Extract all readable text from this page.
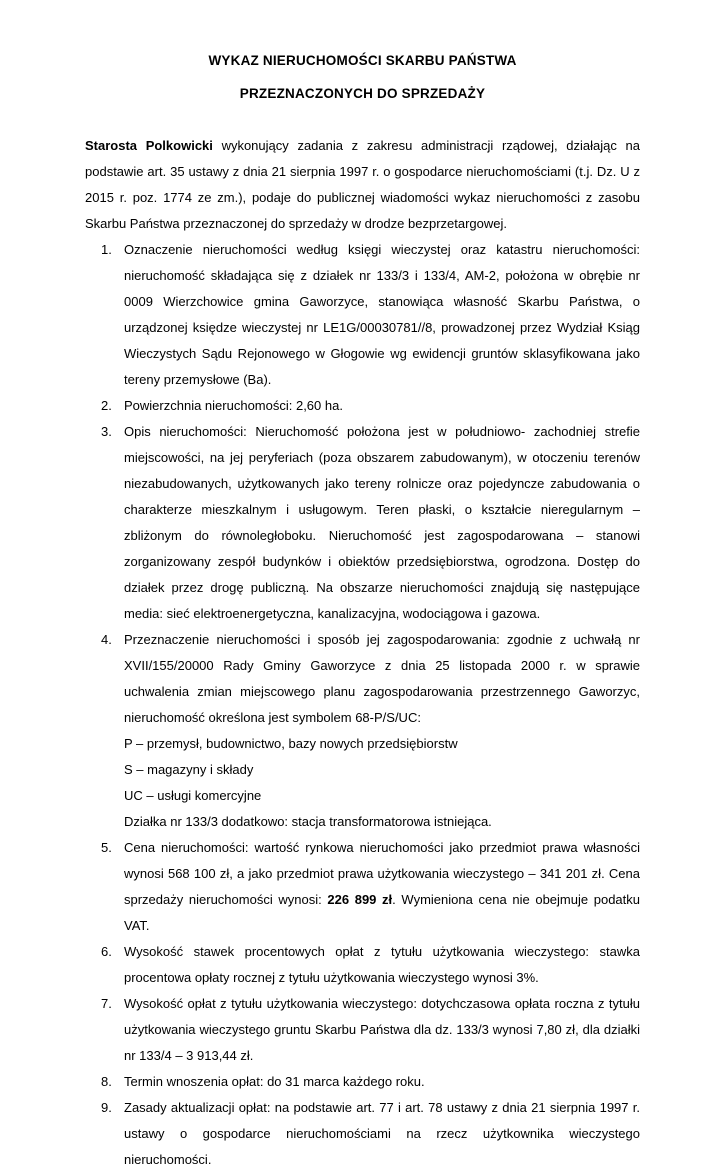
WYKAZ NIERUCHOMOŚCI SKARBU PAŃSTWA
PRZEZNACZONYCH DO SPRZEDAŻY

Starosta Polkowicki wykonujący zadania z zakresu administracji rządowej, działając na podstawie art. 35 ustawy z dnia 21 sierpnia 1997 r. o gospodarce nieruchomościami (t.j. Dz. U z 2015 r. poz. 1774 ze zm.), podaje do publicznej wiadomości wykaz nieruchomości z zasobu Skarbu Państwa przeznaczonej do sprzedaży w drodze bezprzetargowej.

1. Oznaczenie nieruchomości według księgi wieczystej oraz katastru nieruchomości: nieruchomość składająca się z działek nr 133/3 i 133/4, AM-2, położona w obrębie nr 0009 Wierzchowice gmina Gaworzyce, stanowiąca własność Skarbu Państwa, o urządzonej księdze wieczystej nr LE1G/00030781//8, prowadzonej przez Wydział Ksiąg Wieczystych Sądu Rejonowego w Głogowie wg ewidencji gruntów sklasyfikowana jako tereny przemysłowe (Ba).
2. Powierzchnia nieruchomości: 2,60 ha.
3. Opis nieruchomości: Nieruchomość położona jest w południowo- zachodniej strefie miejscowości, na jej peryferiach (poza obszarem zabudowanym), w otoczeniu terenów niezabudowanych, użytkowanych jako tereny rolnicze oraz pojedyncze zabudowania o charakterze mieszkalnym i usługowym. Teren płaski, o kształcie nieregularnym – zbliżonym do równoległoboku. Nieruchomość jest zagospodarowana – stanowi zorganizowany zespół budynków i obiektów przedsiębiorstwa, ogrodzona. Dostęp do działek przez drogę publiczną. Na obszarze nieruchomości znajdują się następujące media: sieć elektroenergetyczna, kanalizacyjna, wodociągowa i gazowa.
4. Przeznaczenie nieruchomości i sposób jej zagospodarowania: zgodnie z uchwałą nr XVII/155/20000 Rady Gminy Gaworzyce z dnia 25 listopada 2000 r. w sprawie uchwalenia zmian miejscowego planu zagospodarowania przestrzennego Gaworzyc, nieruchomość określona jest symbolem 68-P/S/UC:
P – przemysł, budownictwo, bazy nowych przedsiębiorstw
S – magazyny i składy
UC – usługi komercyjne
Działka nr 133/3 dodatkowo: stacja transformatorowa istniejąca.
5. Cena nieruchomości: wartość rynkowa nieruchomości jako przedmiot prawa własności wynosi 568 100 zł, a jako przedmiot prawa użytkowania wieczystego – 341 201 zł. Cena sprzedaży nieruchomości wynosi: 226 899 zł. Wymieniona cena nie obejmuje podatku VAT.
6. Wysokość stawek procentowych opłat z tytułu użytkowania wieczystego: stawka procentowa opłaty rocznej z tytułu użytkowania wieczystego wynosi 3%.
7. Wysokość opłat z tytułu użytkowania wieczystego: dotychczasowa opłata roczna z tytułu użytkowania wieczystego gruntu Skarbu Państwa dla dz. 133/3 wynosi 7,80 zł, dla działki nr 133/4 – 3 913,44 zł.
8. Termin wnoszenia opłat: do 31 marca każdego roku.
9. Zasady aktualizacji opłat: na podstawie art. 77 i art. 78 ustawy z dnia 21 sierpnia 1997 r. ustawy o gospodarce nieruchomościami na rzecz użytkownika wieczystego nieruchomości.
